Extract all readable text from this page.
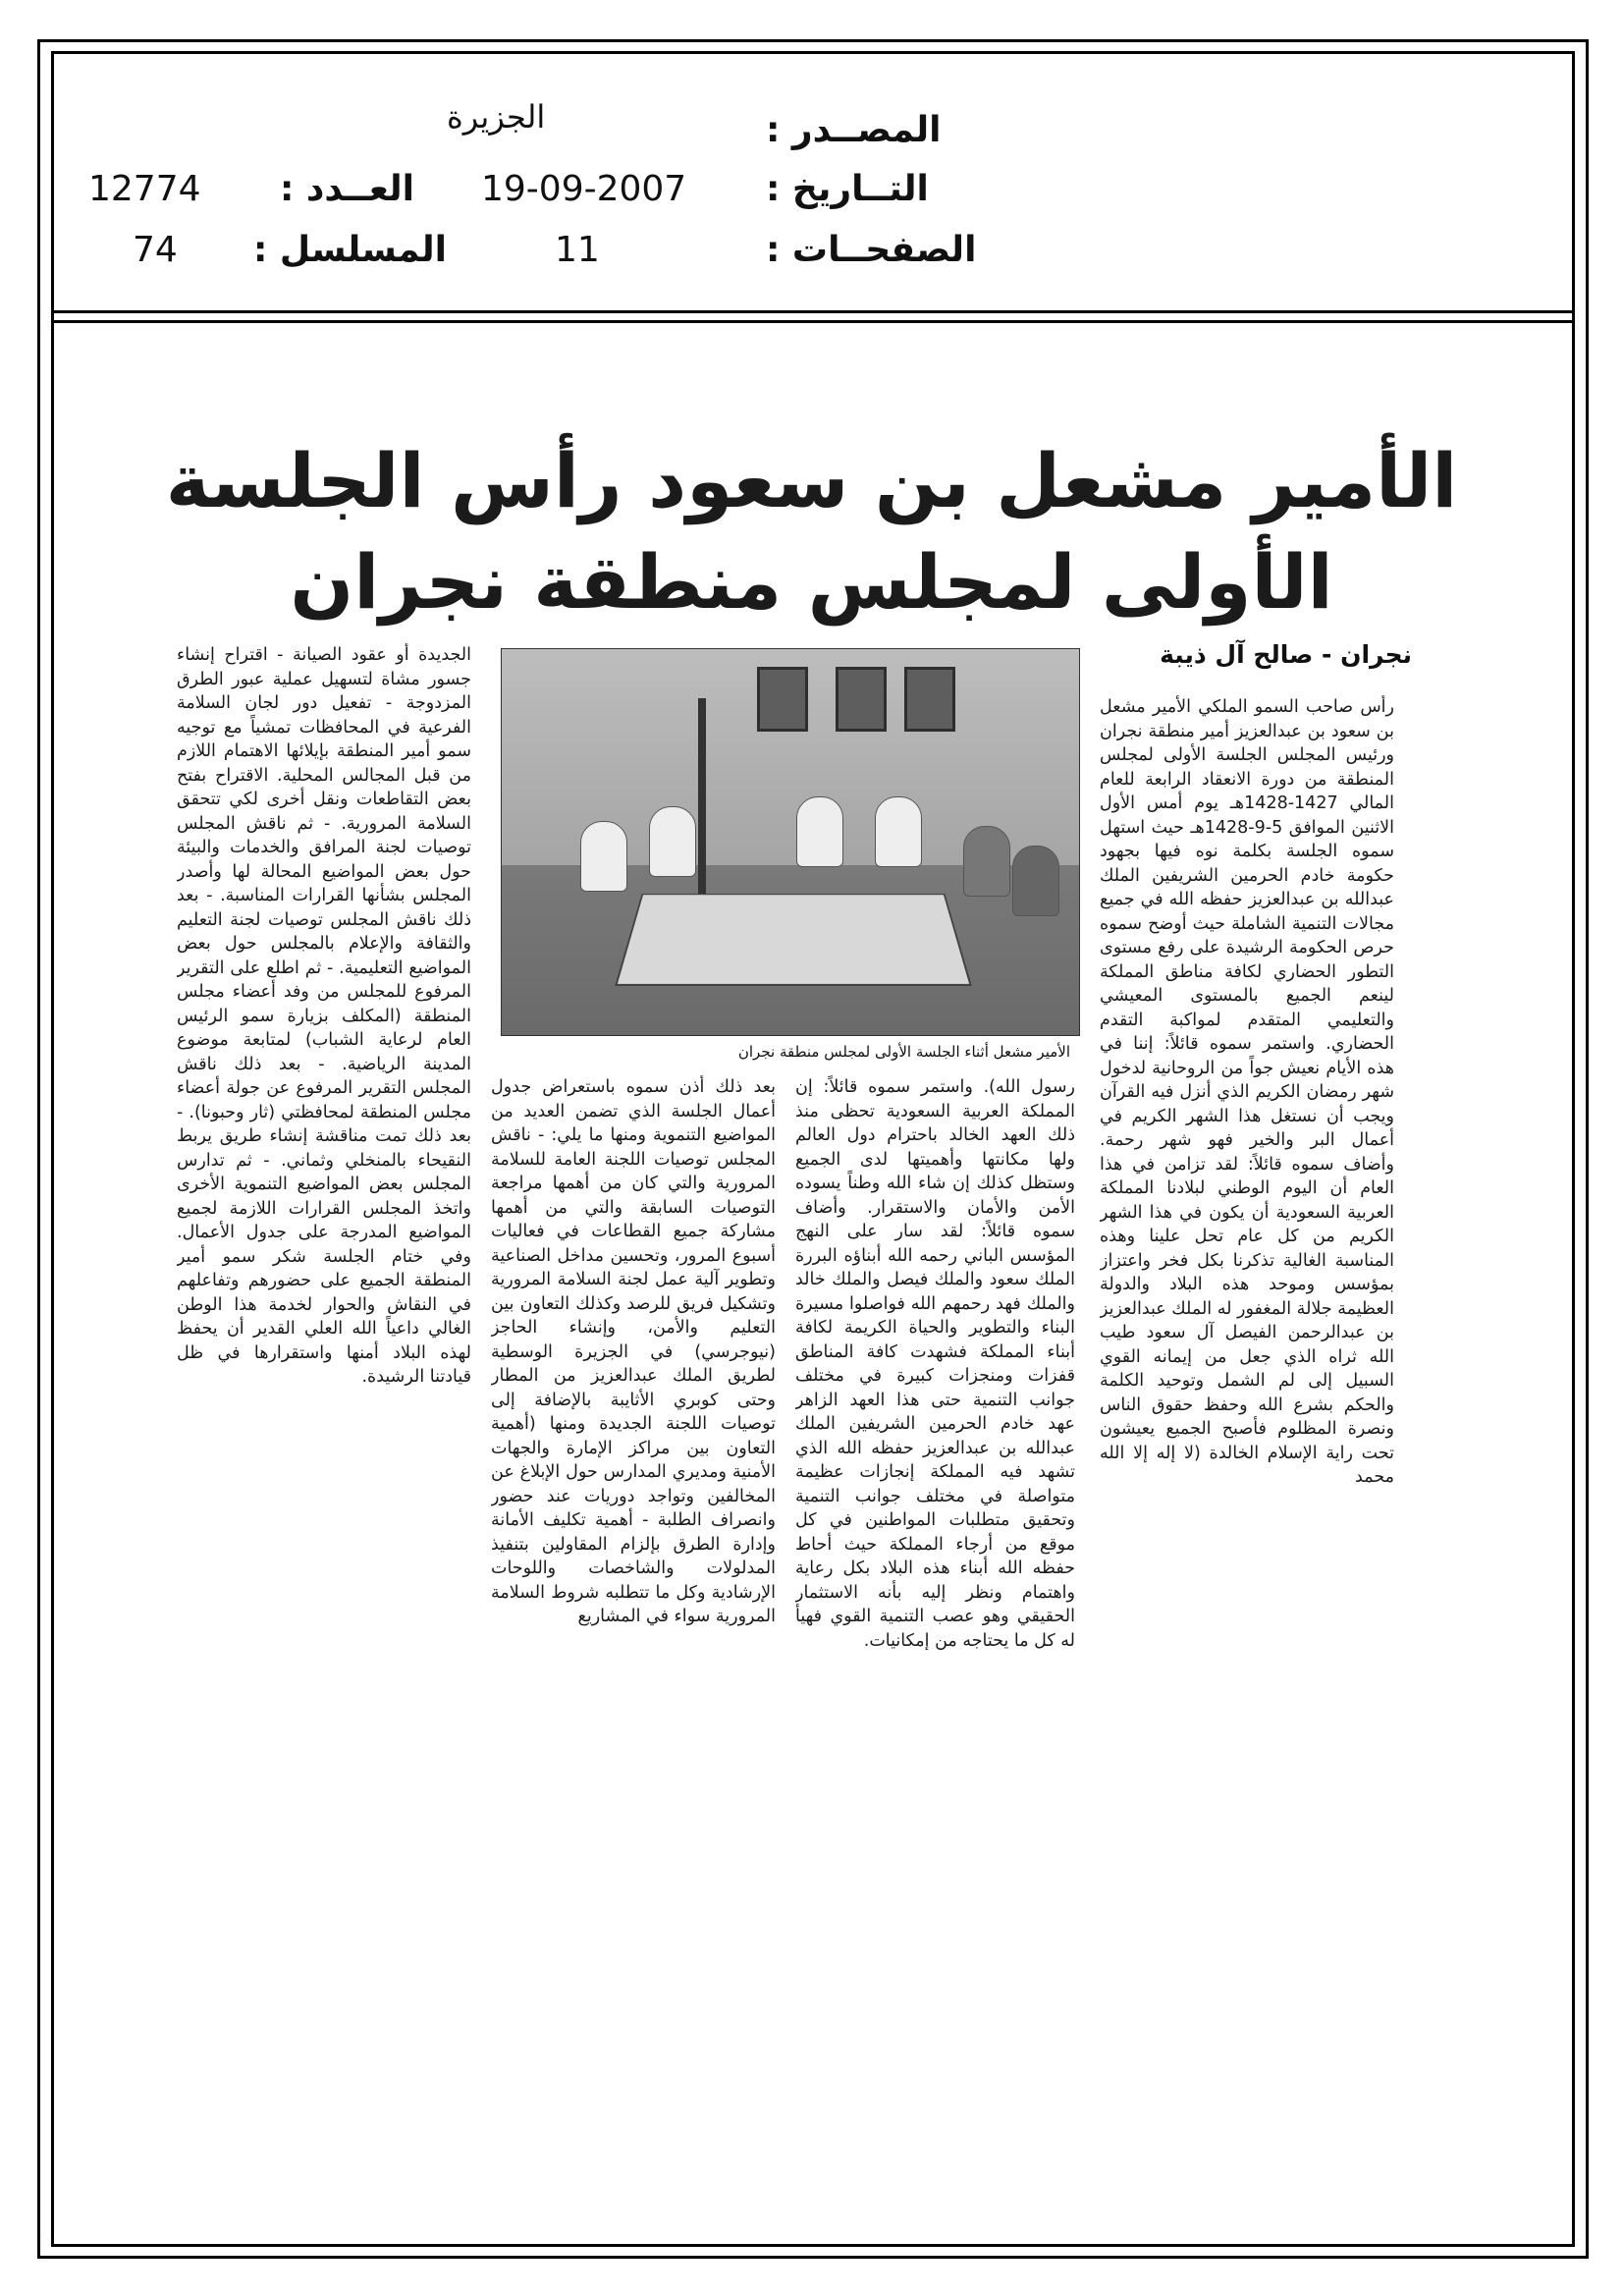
الجزيرة	المصــدر :
12774 العــدد : 19-09-2007 التــاريخ :
74 المسلسل :	11	الصفحــات :
الأمير مشعل بن سعود رأس الجلسة
الأولى لمجلس منطقة نجران
نجران - صالح آل ذيبة
الأمير مشعل أثناء الجلسة الأولى لمجلس منطقة نجران
رأس صاحب السمو الملكي الأمير مشعل بن سعود بن عبدالعزيز أمير منطقة نجران ورئيس المجلس الجلسة الأولى لمجلس المنطقة من دورة الانعقاد الرابعة للعام المالي 1427-1428هـ يوم أمس الأول الاثنين الموافق 5-9-1428هـ حيث استهل سموه الجلسة بكلمة نوه فيها بجهود حكومة خادم الحرمين الشريفين الملك عبدالله بن عبدالعزيز حفظه الله في جميع مجالات التنمية الشاملة حيث أوضح سموه حرص الحكومة الرشيدة على رفع مستوى التطور الحضاري لكافة مناطق المملكة لينعم الجميع بالمستوى المعيشي والتعليمي المتقدم لمواكبة التقدم الحضاري. واستمر سموه قائلاً: إننا في هذه الأيام نعيش جواً من الروحانية لدخول شهر رمضان الكريم الذي أنزل فيه القرآن ويجب أن نستغل هذا الشهر الكريم في أعمال البر والخير فهو شهر رحمة. وأضاف سموه قائلاً: لقد تزامن في هذا العام أن اليوم الوطني لبلادنا المملكة العربية السعودية أن يكون في هذا الشهر الكريم من كل عام تحل علينا وهذه المناسبة الغالية تذكرنا بكل فخر واعتزاز بمؤسس وموحد هذه البلاد والدولة العظيمة جلالة المغفور له الملك عبدالعزيز بن عبدالرحمن الفيصل آل سعود طيب الله ثراه الذي جعل من إيمانه القوي السبيل إلى لم الشمل وتوحيد الكلمة والحكم بشرع الله وحفظ حقوق الناس ونصرة المظلوم فأصبح الجميع يعيشون تحت راية الإسلام الخالدة (لا إله إلا الله محمد
رسول الله). واستمر سموه قائلاً: إن المملكة العربية السعودية تحظى منذ ذلك العهد الخالد باحترام دول العالم ولها مكانتها وأهميتها لدى الجميع وستظل كذلك إن شاء الله وطناً يسوده الأمن والأمان والاستقرار. وأضاف سموه قائلاً: لقد سار على النهج المؤسس الباني رحمه الله أبناؤه البررة الملك سعود والملك فيصل والملك خالد والملك فهد رحمهم الله فواصلوا مسيرة البناء والتطوير والحياة الكريمة لكافة أبناء المملكة فشهدت كافة المناطق قفزات ومنجزات كبيرة في مختلف جوانب التنمية حتى هذا العهد الزاهر عهد خادم الحرمين الشريفين الملك عبدالله بن عبدالعزيز حفظه الله الذي تشهد فيه المملكة إنجازات عظيمة متواصلة في مختلف جوانب التنمية وتحقيق متطلبات المواطنين في كل موقع من أرجاء المملكة حيث أحاط حفظه الله أبناء هذه البلاد بكل رعاية واهتمام ونظر إليه بأنه الاستثمار الحقيقي وهو عصب التنمية القوي فهيأ له كل ما يحتاجه من إمكانيات.
بعد ذلك أذن سموه باستعراض جدول أعمال الجلسة الذي تضمن العديد من المواضيع التنموية ومنها ما يلي: - ناقش المجلس توصيات اللجنة العامة للسلامة المرورية والتي كان من أهمها مراجعة التوصيات السابقة والتي من أهمها مشاركة جميع القطاعات في فعاليات أسبوع المرور، وتحسين مداخل الصناعية وتطوير آلية عمل لجنة السلامة المرورية وتشكيل فريق للرصد وكذلك التعاون بين التعليم والأمن، وإنشاء الحاجز (نيوجرسي) في الجزيرة الوسطية لطريق الملك عبدالعزيز من المطار وحتى كوبري الأثايبة بالإضافة إلى توصيات اللجنة الجديدة ومنها (أهمية التعاون بين مراكز الإمارة والجهات الأمنية ومديري المدارس حول الإبلاغ عن المخالفين وتواجد دوريات عند حضور وانصراف الطلبة - أهمية تكليف الأمانة وإدارة الطرق بإلزام المقاولين بتنفيذ المدلولات والشاخصات واللوحات الإرشادية وكل ما تتطلبه شروط السلامة المرورية سواء في المشاريع
الجديدة أو عقود الصيانة - اقتراح إنشاء جسور مشاة لتسهيل عملية عبور الطرق المزدوجة - تفعيل دور لجان السلامة الفرعية في المحافظات تمشياً مع توجيه سمو أمير المنطقة بإيلائها الاهتمام اللازم من قبل المجالس المحلية. الاقتراح بفتح بعض التقاطعات ونقل أخرى لكي تتحقق السلامة المرورية. - ثم ناقش المجلس توصيات لجنة المرافق والخدمات والبيئة حول بعض المواضيع المحالة لها وأصدر المجلس بشأنها القرارات المناسبة. - بعد ذلك ناقش المجلس توصيات لجنة التعليم والثقافة والإعلام بالمجلس حول بعض المواضيع التعليمية. - ثم اطلع على التقرير المرفوع للمجلس من وفد أعضاء مجلس المنطقة (المكلف بزيارة سمو الرئيس العام لرعاية الشباب) لمتابعة موضوع المدينة الرياضية. - بعد ذلك ناقش المجلس التقرير المرفوع عن جولة أعضاء مجلس المنطقة لمحافظتي (ثار وحبونا). - بعد ذلك تمت مناقشة إنشاء طريق يربط النقيحاء بالمنخلي وثماني. - ثم تدارس المجلس بعض المواضيع التنموية الأخرى واتخذ المجلس القرارات اللازمة لجميع المواضيع المدرجة على جدول الأعمال. وفي ختام الجلسة شكر سمو أمير المنطقة الجميع على حضورهم وتفاعلهم في النقاش والحوار لخدمة هذا الوطن الغالي داعياً الله العلي القدير أن يحفظ لهذه البلاد أمنها واستقرارها في ظل قيادتنا الرشيدة.
